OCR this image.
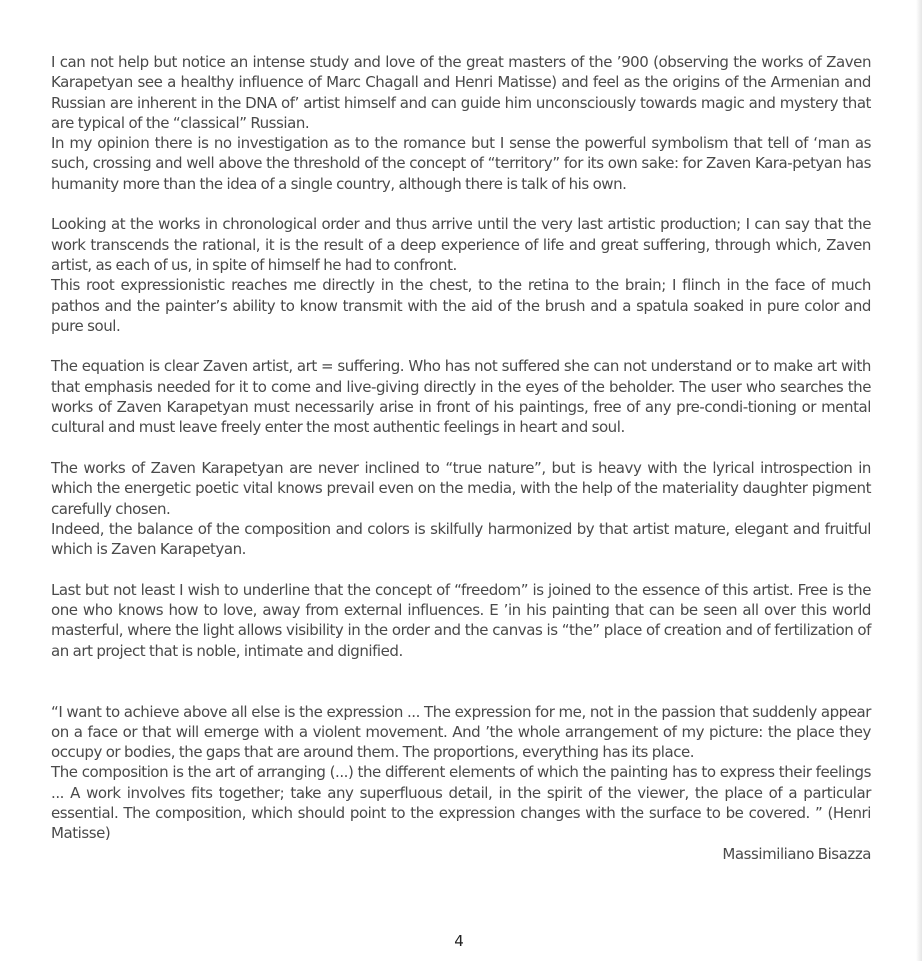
I can not help but notice an intense study and love of the great masters of the ’900 (observing the works of Zaven Karapetyan see a healthy influence of Marc Chagall and Henri Matisse) and feel as the origins of the Armenian and Russian are inherent in the DNA of’ artist himself and can guide him unconsciously towards magic and mystery that are typical of the “classical” Russian.

In my opinion there is no investigation as to the romance but I sense the powerful symbolism that tell of ‘man as such, crossing and well above the threshold of the concept of “territory” for its own sake: for Zaven Kara-petyan has humanity more than the idea of a single country, although there is talk of his own.

Looking at the works in chronological order and thus arrive until the very last artistic production; I can say that the work transcends the rational, it is the result of a deep experience of life and great suffering, through which, Zaven artist, as each of us, in spite of himself he had to confront.

This root expressionistic reaches me directly in the chest, to the retina to the brain; I flinch in the face of much pathos and the painter’s ability to know transmit with the aid of the brush and a spatula soaked in pure color and pure soul.

The equation is clear Zaven artist, art = suffering. Who has not suffered she can not understand or to make art with that emphasis needed for it to come and live-giving directly in the eyes of the beholder. The user who searches the works of Zaven Karapetyan must necessarily arise in front of his paintings, free of any pre-condi-tioning or mental cultural and must leave freely enter the most authentic feelings in heart and soul.

The works of Zaven Karapetyan are never inclined to “true nature”, but is heavy with the lyrical introspection in which the energetic poetic vital knows prevail even on the media, with the help of the materiality daughter pigment carefully chosen.

Indeed, the balance of the composition and colors is skilfully harmonized by that artist mature, elegant and fruitful which is Zaven Karapetyan.

Last but not least I wish to underline that the concept of “freedom” is joined to the essence of this artist. Free is the one who knows how to love, away from external influences. E ’in his painting that can be seen all over this world masterful, where the light allows visibility in the order and the canvas is “the” place of creation and of fertilization of an art project that is noble, intimate and dignified.

“I want to achieve above all else is the expression ... The expression for me, not in the passion that suddenly appear on a face or that will emerge with a violent movement. And ’the whole arrangement of my picture: the place they occupy or bodies, the gaps that are around them. The proportions, everything has its place.

The composition is the art of arranging (...) the different elements of which the painting has to express their feelings ... A work involves fits together; take any superfluous detail, in the spirit of the viewer, the place of a particular essential. The composition, which should point to the expression changes with the surface to be covered. ” (Henri Matisse)

Massimiliano Bisazza

4
